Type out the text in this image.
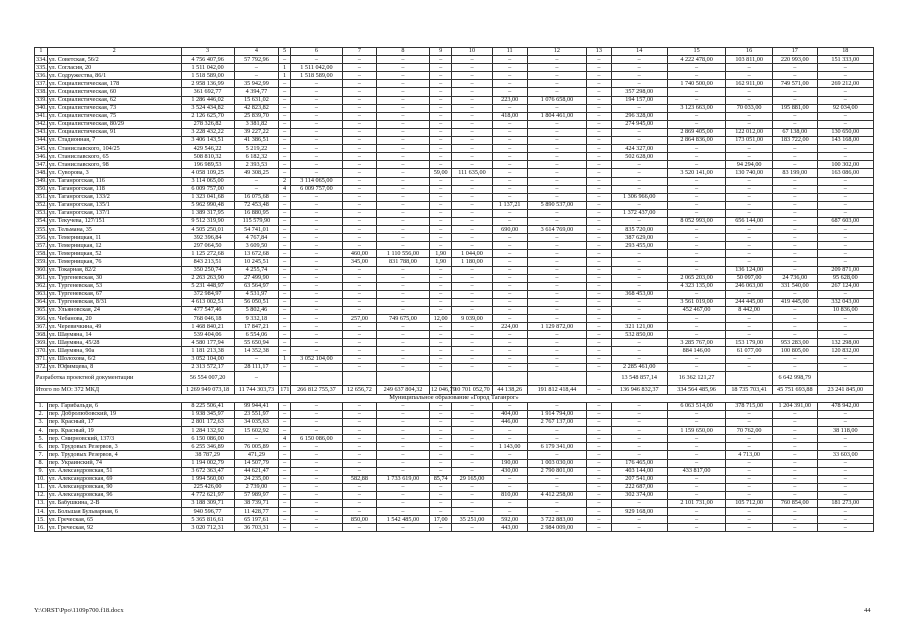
1	2	3	4	5	6	7	8	9	10	11	12	13	14	15	16	17	18
334.	ул. Советская, 56/2	4 756 407,96	57 792,96	–	–	–	–	–	–	–	–	–	–	4 222 478,00	103 811,00	220 993,00	151 333,00
335.	ул. Согласия, 20	1 511 042,00	–	1	1 511 042,00	–	–	–	–	–	–	–	–	–	–	–	–
336.	ул. Содружества, 86/1	1 518 589,00	–	1	1 518 589,00	–	–	–	–	–	–	–	–	–	–	–	–
337.	ул. Социалистическая, 178	2 958 136,99	35 942,99	–	–	–	–	–	–	–	–	–	–	1 740 500,00	162 911,00	749 571,00	269 212,00
338.	ул. Социалистическая, 60	361 692,77	4 394,77	–	–	–	–	–	–	–	–	–	357 298,00	–	–	–	–
339.	ул. Социалистическая, 62	1 286 446,02	15 631,02	–	–	–	–	–	–	223,00	1 076 658,00	–	194 157,00	–	–	–	–
340.	ул. Социалистическая, 73	3 524 434,82	42 823,82	–	–	–	–	–	–	–	–	–	–	3 123 663,00	70 033,00	195 881,00	92 034,00
341.	ул. Социалистическая, 75	2 126 625,70	25 839,70	–	–	–	–	–	–	418,00	1 804 461,00	–	296 328,00	–	–	–	–
342.	ул. Социалистическая, 80/29	278 326,82	3 381,82	–	–	–	–	–	–	–	–	–	274 945,00	–	–	–	–
343.	ул. Социалистическая, 91	3 228 432,22	39 227,22	–	–	–	–	–	–	–	–	–	–	2 869 405,00	122 012,00	67 138,00	130 650,00
344.	ул. Стадионная, 7	3 406 143,51	41 386,51	–	–	–	–	–	–	–	–	–	–	2 864 836,00	173 051,00	183 722,00	143 168,00
345.	ул. Станиславского, 104/25	429 546,22	5 219,22	–	–	–	–	–	–	–	–	–	424 327,00	–	–	–	–
346.	ул. Станиславского, 65	508 810,32	6 182,32	–	–	–	–	–	–	–	–	–	502 628,00	–	–	–	–
347.	ул. Станиславского, 98	196 989,53	2 393,53	–	–	–	–	–	–	–	–	–	–	–	94 294,00	–	100 302,00
348.	ул. Суворова, 3	4 058 109,25	49 308,25	–	–	–	–	59,00	111 635,00	–	–	–	–	3 520 141,00	130 740,00	83 199,00	163 086,00
349.	ул. Таганрогская, 116	3 114 065,00	–	2	3 114 065,00	–	–	–	–	–	–	–	–	–	–	–	–
350.	ул. Таганрогская, 118	6 009 757,00	–	4	6 009 757,00	–	–	–	–	–	–	–	–	–	–	–	–
351.	ул. Таганрогская, 133/2	1 323 041,68	16 075,68	–	–	–	–	–	–	–	–	–	1 306 966,00	–	–	–	–
352.	ул. Таганрогская, 135/1	5 962 990,48	72 453,48	–	–	–	–	–	–	1 137,21	5 890 537,00	–	–	–	–	–	–
353.	ул. Таганрогская, 137/1	1 389 317,95	16 880,95	–	–	–	–	–	–	–	–	–	1 372 437,00	–	–	–	–
354.	ул. Текучева, 127/151	9 512 319,90	115 579,90	–	–	–	–	–	–	–	–	–	–	8 052 993,00	656 144,00	–	687 603,00
355.	ул. Тельмана, 35	4 505 250,01	54 741,01	–	–	–	–	–	–	690,00	3 614 769,00	–	835 720,00	–	–	–	–
356.	ул. Темерницкая, 11	392 396,84	4 767,84	–	–	–	–	–	–	–	–	–	387 629,00	–	–	–	–
357.	ул. Темерницкая, 12	297 064,50	3 609,50	–	–	–	–	–	–	–	–	–	293 455,00	–	–	–	–
358.	ул. Темерницкая, 52	1 125 272,68	13 672,68	–	–	460,00	1 110 556,00	1,90	1 044,00	–	–	–	–	–	–	–	–
359.	ул. Темерницкая, 76	843 213,51	10 245,51	–	–	345,00	831 788,00	1,90	1 180,00	–	–	–	–	–	–	–	–
360.	ул. Токарная, 82/2	350 250,74	4 255,74	–	–	–	–	–	–	–	–	–	–	–	136 124,00	–	209 871,00
361.	ул. Тургеневская, 30	2 263 263,90	27 499,90	–	–	–	–	–	–	–	–	–	–	2 065 203,00	50 097,00	24 736,00	95 628,00
362.	ул. Тургеневская, 53	5 231 448,97	63 564,97	–	–	–	–	–	–	–	–	–	–	4 323 135,00	246 063,00	331 540,00	267 124,00
363.	ул. Тургеневская, 67	372 984,97	4 531,97	–	–	–	–	–	–	–	–	–	368 453,00	–	–	–	–
364.	ул. Тургеневская, 8/31	4 613 002,51	56 050,51	–	–	–	–	–	–	–	–	–	–	3 561 019,00	244 445,00	419 445,00	332 043,00
365.	ул. Ульяновская, 24	477 547,46	5 802,46	–	–	–	–	–	–	–	–	–	–	452 467,00	8 442,00	–	10 836,00
366.	ул. Чебанова, 20	768 046,18	9 332,18	–	–	257,00	749 675,00	12,00	9 039,00	–	–	–	–	–	–	–	–
367.	ул. Черевичкина, 49	1 468 840,21	17 847,21	–	–	–	–	–	–	224,00	1 129 872,00	–	321 121,00	–	–	–	–
368.	ул. Шаумяна, 14	539 404,06	6 554,06	–	–	–	–	–	–	–	–	–	532 850,00	–	–	–	–
369.	ул. Шаумяна, 45/28	4 580 177,94	55 650,94	–	–	–	–	–	–	–	–	–	–	3 285 767,00	153 179,00	953 283,00	132 298,00
370.	ул. Шаумяна, 90а	1 181 213,38	14 352,38	–	–	–	–	–	–	–	–	–	–	884 146,00	61 077,00	100 805,00	120 832,00
371.	ул. Шолохова, 6/2	3 052 104,00	–	1	3 052 104,00	–	–	–	–	–	–	–	–	–	–	–	–
372.	ул. Юфимцева, 8	2 313 572,17	28 111,17	–	–	–	–	–	–	–	–	–	2 285 461,00	–	–	–	–
Разработка проектной документации		56 554 007,20	–										13 548 857,14	16 362 121,27		6 642 998,79	
Итого по МО: 372 МКД		1 269 949 073,18	11 744 303,73	171	266 812 755,37	12 656,72	249 637 804,32	12 046,79	10 701 052,70	44 138,26	191 812 418,44	–	136 946 832,37	334 564 485,96	18 735 703,41	45 751 693,88	23 241 845,00
Муниципальное образование «Город Таганрог»																	
1.	пер. Гарибальди, 6	8 225 506,41	99 944,41	–	–	–	–	–	–	–	–	–	–	6 063 514,00	378 715,00	1 204 391,00	478 942,00
2.	пер. Добролюбовский, 19	1 938 345,97	23 551,97	–	–	–	–	–	–	404,00	1 914 794,00	–	–	–	–	–	–
3.	пер. Красный, 17	2 801 172,63	34 035,63	–	–	–	–	–	–	446,00	2 767 137,00	–	–	–	–	–	–
4.	пер. Красный, 19	1 284 132,92	15 602,92	–	–	–	–	–	–	–	–	–	–	1 159 650,00	70 762,00	–	38 118,00
5.	пер. Смирновский, 137/3	6 150 086,00	–	4	6 150 086,00	–	–	–	–	–	–	–	–	–	–	–	–
6.	пер. Трудовых Резервов, 3	6 255 346,89	76 005,89	–	–	–	–	–	–	1 143,00	6 179 341,00	–	–	–	–	–	–
7.	пер. Трудовых Резервов, 4	38 787,29	471,29	–	–	–	–	–	–	–	–	–	–	–	4 713,00	–	33 603,00
8.	пер. Украинский, 74	1 194 002,79	14 507,79	–	–	–	–	–	–	190,00	1 003 030,00	–	176 465,00	–	–	–	–
9.	ул. Александровская, 51	3 672 363,47	44 621,47	–	–	–	–	–	–	430,00	2 790 801,00	–	403 144,00	433 817,00	–	–	–
10.	ул. Александровская, 69	1 994 560,00	24 235,00	–	–	582,88	1 733 619,00	85,74	29 165,00	–	–	–	207 541,00	–	–	–	–
11.	ул. Александровская, 90	225 426,00	2 739,00	–	–	–	–	–	–	–	–	–	222 687,00	–	–	–	–
12.	ул. Александровская, 96	4 772 621,97	57 989,97	–	–	–	–	–	–	810,00	4 412 258,00	–	302 374,00	–	–	–	–
13.	ул. Бабушкина, 2-В	3 188 309,71	38 739,71	–	–	–	–	–	–	–	–	–	–	2 101 731,00	105 712,00	760 854,00	181 273,00
14.	ул. Большая Бульварная, 6	940 596,77	11 428,77	–	–	–	–	–	–	–	–	–	929 168,00	–	–	–	–
15.	ул. Греческая, 65	5 365 816,61	65 197,61	–	–	850,00	1 542 485,00	17,00	35 251,00	592,00	3 722 883,00	–	–	–	–	–	–
16.	ул. Греческая, 92	3 020 712,31	36 703,31	–	–	–	–	–	–	443,00	2 984 009,00	–	–	–	–	–	–
Y:\ORST\Ppo\1109p700.f18.docx	44
